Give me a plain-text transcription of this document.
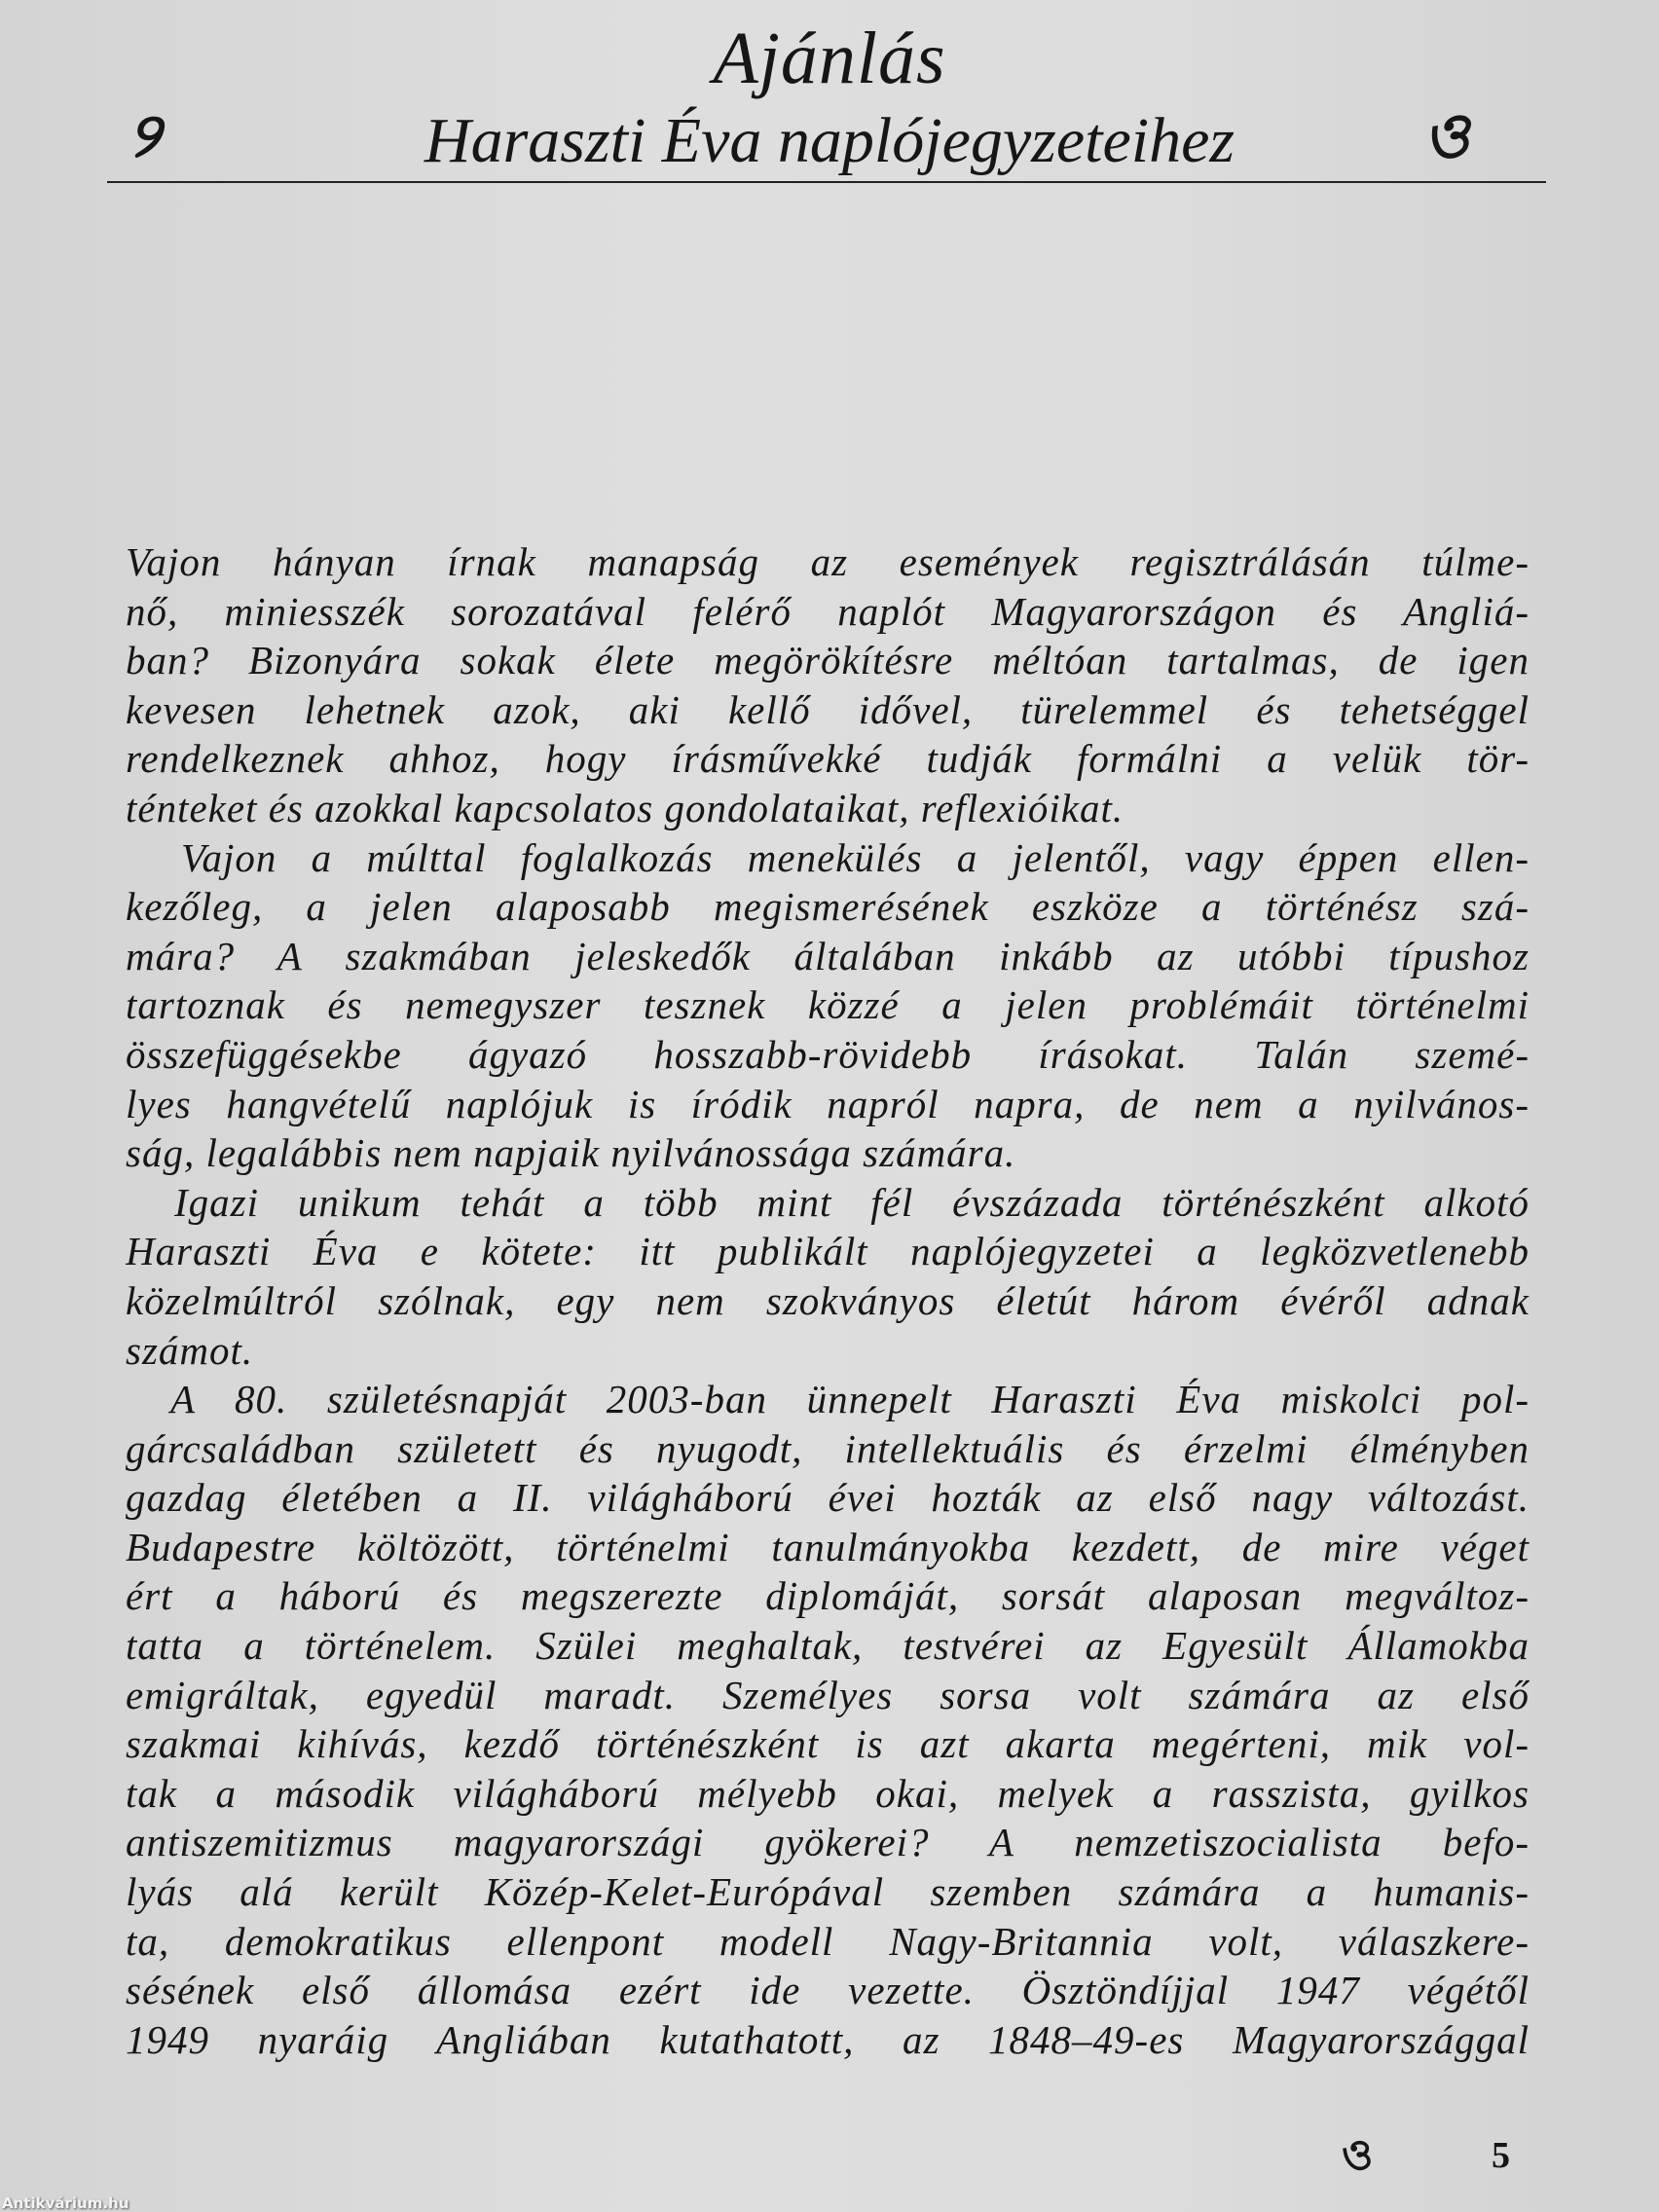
Ajánlás
୨	Haraszti Éva naplójegyzeteihez	ও
Vajon hányan írnak manapság az események regisztrálásán túlme-
nő, miniesszék sorozatával felérő naplót Magyarországon és Angliá-
ban? Bizonyára sokak élete megörökítésre méltóan tartalmas, de igen
kevesen lehetnek azok, aki kellő idővel, türelemmel és tehetséggel
rendelkeznek ahhoz, hogy írásművekké tudják formálni a velük tör-
ténteket és azokkal kapcsolatos gondolataikat, reflexióikat.
Vajon a múlttal foglalkozás menekülés a jelentől, vagy éppen ellen-
kezőleg, a jelen alaposabb megismerésének eszköze a történész szá-
mára? A szakmában jeleskedők általában inkább az utóbbi típushoz
tartoznak és nemegyszer tesznek közzé a jelen problémáit történelmi
összefüggésekbe ágyazó hosszabb-rövidebb írásokat. Talán szemé-
lyes hangvételű naplójuk is íródik napról napra, de nem a nyilvános-
ság, legalábbis nem napjaik nyilvánossága számára.
Igazi unikum tehát a több mint fél évszázada történészként alkotó
Haraszti Éva e kötete: itt publikált naplójegyzetei a legközvetlenebb
közelmúltról szólnak, egy nem szokványos életút három évéről adnak
számot.
A 80. születésnapját 2003-ban ünnepelt Haraszti Éva miskolci pol-
gárcsaládban született és nyugodt, intellektuális és érzelmi élményben
gazdag életében a II. világháború évei hozták az első nagy változást.
Budapestre költözött, történelmi tanulmányokba kezdett, de mire véget
ért a háború és megszerezte diplomáját, sorsát alaposan megváltoz-
tatta a történelem. Szülei meghaltak, testvérei az Egyesült Államokba
emigráltak, egyedül maradt. Személyes sorsa volt számára az első
szakmai kihívás, kezdő történészként is azt akarta megérteni, mik vol-
tak a második világháború mélyebb okai, melyek a rasszista, gyilkos
antiszemitizmus magyarországi gyökerei? A nemzetiszocialista befo-
lyás alá került Közép-Kelet-Európával szemben számára a humanis-
ta, demokratikus ellenpont modell Nagy-Britannia volt, válaszkere-
sésének első állomása ezért ide vezette. Ösztöndíjjal 1947 végétől
1949 nyaráig Angliában kutathatott, az 1848–49-es Magyarországgal
ও	5
Antikvárium.hu
